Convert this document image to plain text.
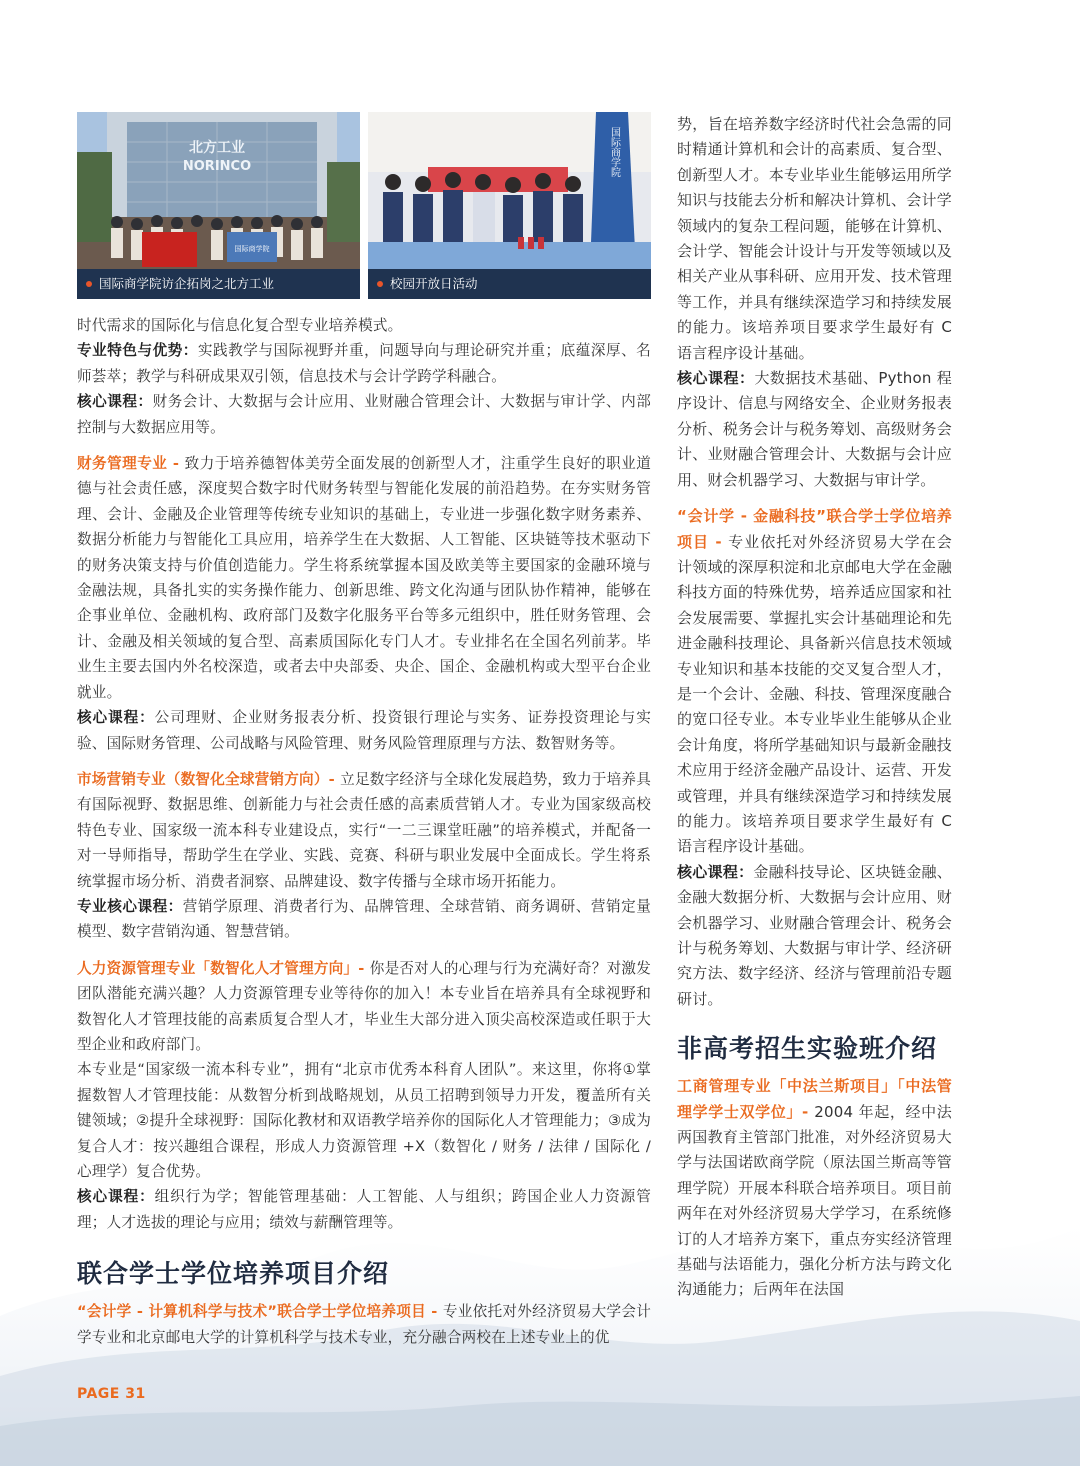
国际商学院
北方工业
NORINCO
国际商学院访企拓岗之北方工业
国际商学院
校园开放日活动

时代需求的国际化与信息化复合型专业培养模式。

专业特色与优势：实践教学与国际视野并重，问题导向与理论研究并重；底蕴深厚、名师荟萃；教学与科研成果双引领，信息技术与会计学跨学科融合。

核心课程：财务会计、大数据与会计应用、业财融合管理会计、大数据与审计学、内部控制与大数据应用等。

财务管理专业 - 致力于培养德智体美劳全面发展的创新型人才，注重学生良好的职业道德与社会责任感，深度契合数字时代财务转型与智能化发展的前沿趋势。在夯实财务管理、会计、金融及企业管理等传统专业知识的基础上，专业进一步强化数字财务素养、数据分析能力与智能化工具应用，培养学生在大数据、人工智能、区块链等技术驱动下的财务决策支持与价值创造能力。学生将系统掌握本国及欧美等主要国家的金融环境与金融法规，具备扎实的实务操作能力、创新思维、跨文化沟通与团队协作精神，能够在企事业单位、金融机构、政府部门及数字化服务平台等多元组织中，胜任财务管理、会计、金融及相关领域的复合型、高素质国际化专门人才。专业排名在全国名列前茅。毕业生主要去国内外名校深造，或者去中央部委、央企、国企、金融机构或大型平台企业就业。

核心课程：公司理财、企业财务报表分析、投资银行理论与实务、证券投资理论与实验、国际财务管理、公司战略与风险管理、财务风险管理原理与方法、数智财务等。

市场营销专业（数智化全球营销方向）- 立足数字经济与全球化发展趋势，致力于培养具有国际视野、数据思维、创新能力与社会责任感的高素质营销人才。专业为国家级高校特色专业、国家级一流本科专业建设点，实行“一二三课堂旺融”的培养模式，并配备一对一导师指导，帮助学生在学业、实践、竞赛、科研与职业发展中全面成长。学生将系统掌握市场分析、消费者洞察、品牌建设、数字传播与全球市场开拓能力。

专业核心课程：营销学原理、消费者行为、品牌管理、全球营销、商务调研、营销定量模型、数字营销沟通、智慧营销。

人力资源管理专业「数智化人才管理方向」- 你是否对人的心理与行为充满好奇？对激发团队潜能充满兴趣？人力资源管理专业等待你的加入！本专业旨在培养具有全球视野和数智化人才管理技能的高素质复合型人才，毕业生大部分进入顶尖高校深造或任职于大型企业和政府部门。

本专业是“国家级一流本科专业”，拥有“北京市优秀本科育人团队”。来这里，你将①掌握数智人才管理技能：从数智分析到战略规划，从员工招聘到领导力开发，覆盖所有关键领域；②提升全球视野：国际化教材和双语教学培养你的国际化人才管理能力；③成为复合人才：按兴趣组合课程，形成人力资源管理 +X（数智化 / 财务 / 法律 / 国际化 / 心理学）复合优势。

核心课程：组织行为学；智能管理基础：人工智能、人与组织；跨国企业人力资源管理；人才选拔的理论与应用；绩效与薪酬管理等。

联合学士学位培养项目介绍

“会计学 - 计算机科学与技术”联合学士学位培养项目 - 专业依托对外经济贸易大学会计学专业和北京邮电大学的计算机科学与技术专业，充分融合两校在上述专业上的优

势，旨在培养数字经济时代社会急需的同时精通计算机和会计的高素质、复合型、创新型人才。本专业毕业生能够运用所学知识与技能去分析和解决计算机、会计学领域内的复杂工程问题，能够在计算机、会计学、智能会计设计与开发等领域以及相关产业从事科研、应用开发、技术管理等工作，并具有继续深造学习和持续发展的能力。该培养项目要求学生最好有 C 语言程序设计基础。

核心课程：大数据技术基础、Python 程序设计、信息与网络安全、企业财务报表分析、税务会计与税务筹划、高级财务会计、业财融合管理会计、大数据与会计应用、财会机器学习、大数据与审计学。

“会计学 - 金融科技”联合学士学位培养项目 - 专业依托对外经济贸易大学在会计领域的深厚积淀和北京邮电大学在金融科技方面的特殊优势，培养适应国家和社会发展需要、掌握扎实会计基础理论和先进金融科技理论、具备新兴信息技术领域专业知识和基本技能的交叉复合型人才，是一个会计、金融、科技、管理深度融合的宽口径专业。本专业毕业生能够从企业会计角度，将所学基础知识与最新金融技术应用于经济金融产品设计、运营、开发或管理，并具有继续深造学习和持续发展的能力。该培养项目要求学生最好有 C 语言程序设计基础。

核心课程：金融科技导论、区块链金融、金融大数据分析、大数据与会计应用、财会机器学习、业财融合管理会计、税务会计与税务筹划、大数据与审计学、经济研究方法、数字经济、经济与管理前沿专题研讨。

非高考招生实验班介绍

工商管理专业「中法兰斯项目」「中法管理学学士双学位」- 2004 年起，经中法两国教育主管部门批准，对外经济贸易大学与法国诺欧商学院（原法国兰斯高等管理学院）开展本科联合培养项目。项目前两年在对外经济贸易大学学习，在系统修订的人才培养方案下，重点夯实经济管理基础与法语能力，强化分析方法与跨文化沟通能力；后两年在法国

PAGE 31
